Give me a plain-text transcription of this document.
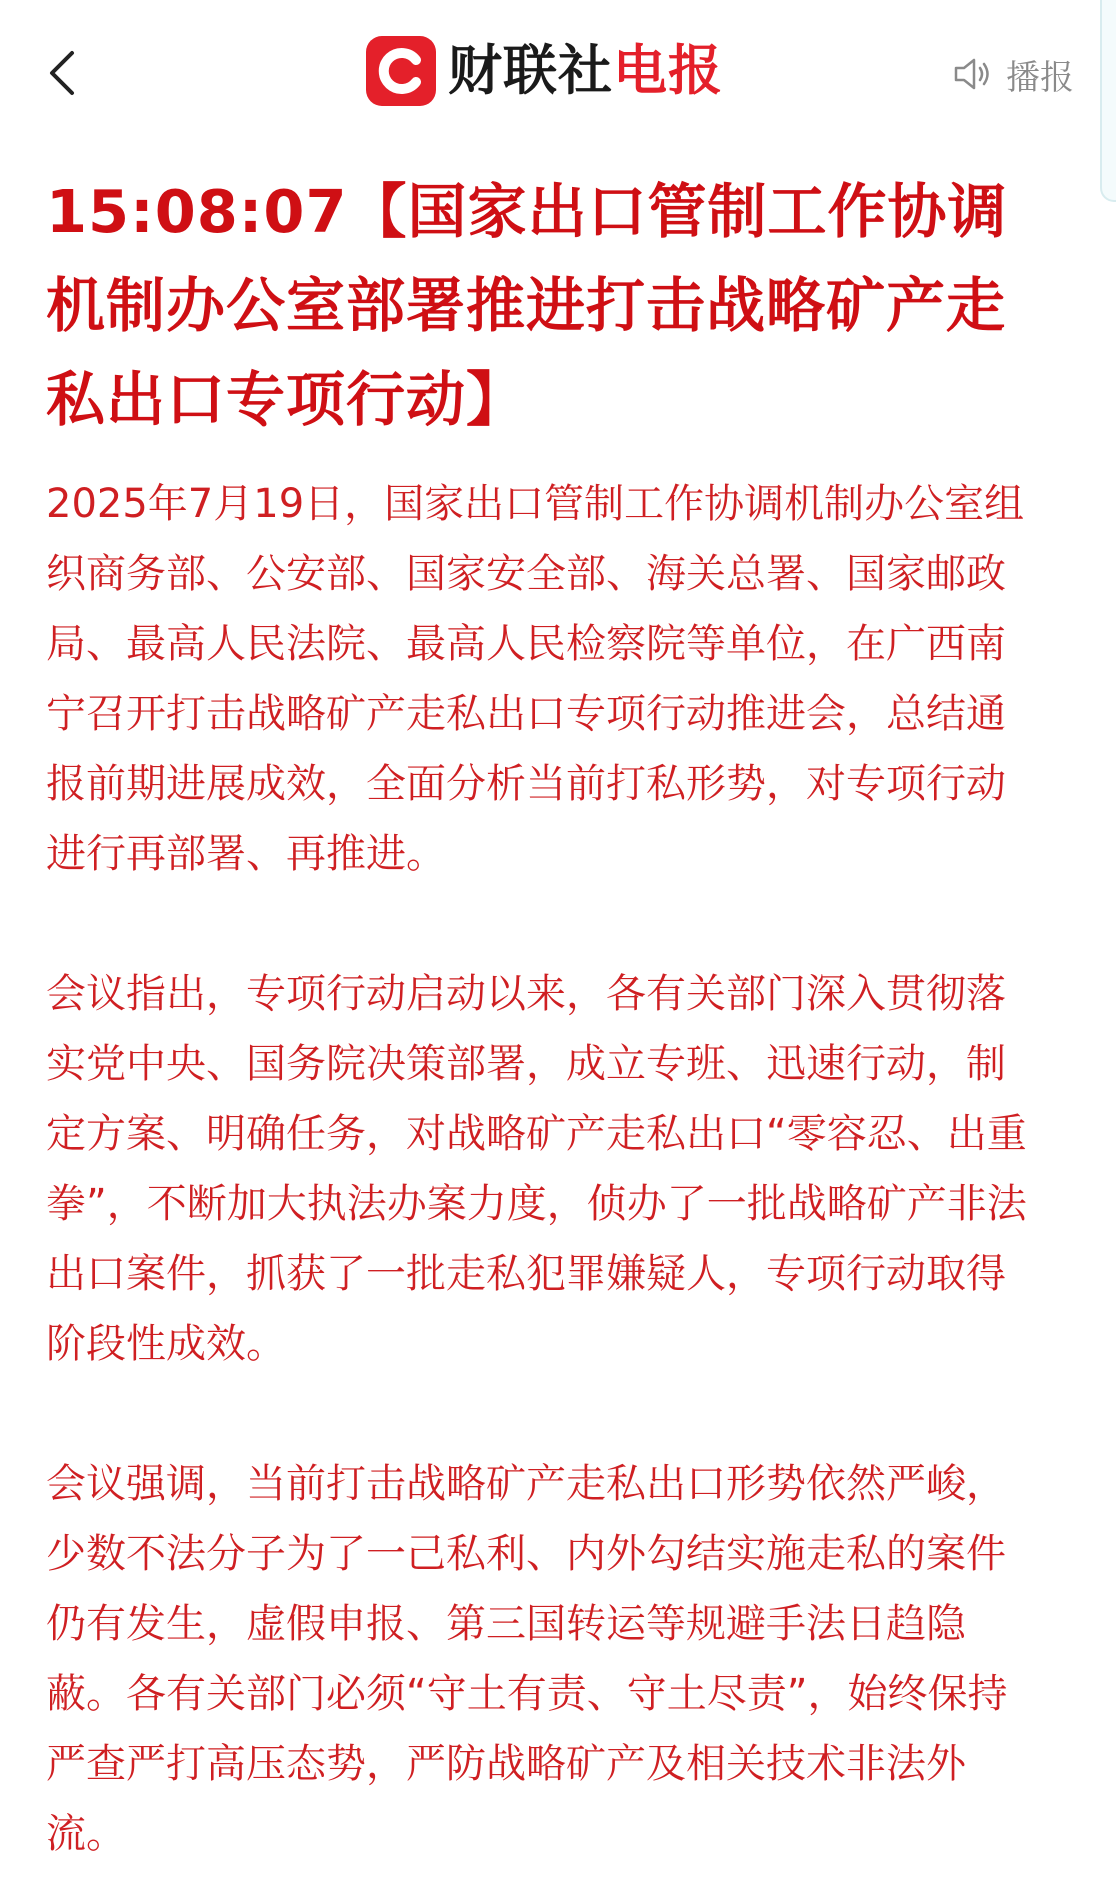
财联社 电报	播报
15:08:07【国家出口管制工作协调机制办公室部署推进打击战略矿产走私出口专项行动】

2025年7月19日，国家出口管制工作协调机制办公室组织商务部、公安部、国家安全部、海关总署、国家邮政局、最高人民法院、最高人民检察院等单位，在广西南宁召开打击战略矿产走私出口专项行动推进会，总结通报前期进展成效，全面分析当前打私形势，对专项行动进行再部署、再推进。

会议指出，专项行动启动以来，各有关部门深入贯彻落实党中央、国务院决策部署，成立专班、迅速行动，制定方案、明确任务，对战略矿产走私出口“零容忍、出重拳”，不断加大执法办案力度，侦办了一批战略矿产非法出口案件，抓获了一批走私犯罪嫌疑人，专项行动取得阶段性成效。

会议强调，当前打击战略矿产走私出口形势依然严峻，少数不法分子为了一己私利、内外勾结实施走私的案件仍有发生，虚假申报、第三国转运等规避手法日趋隐蔽。各有关部门必须“守土有责、守土尽责”，始终保持严查严打高压态势，严防战略矿产及相关技术非法外流。
